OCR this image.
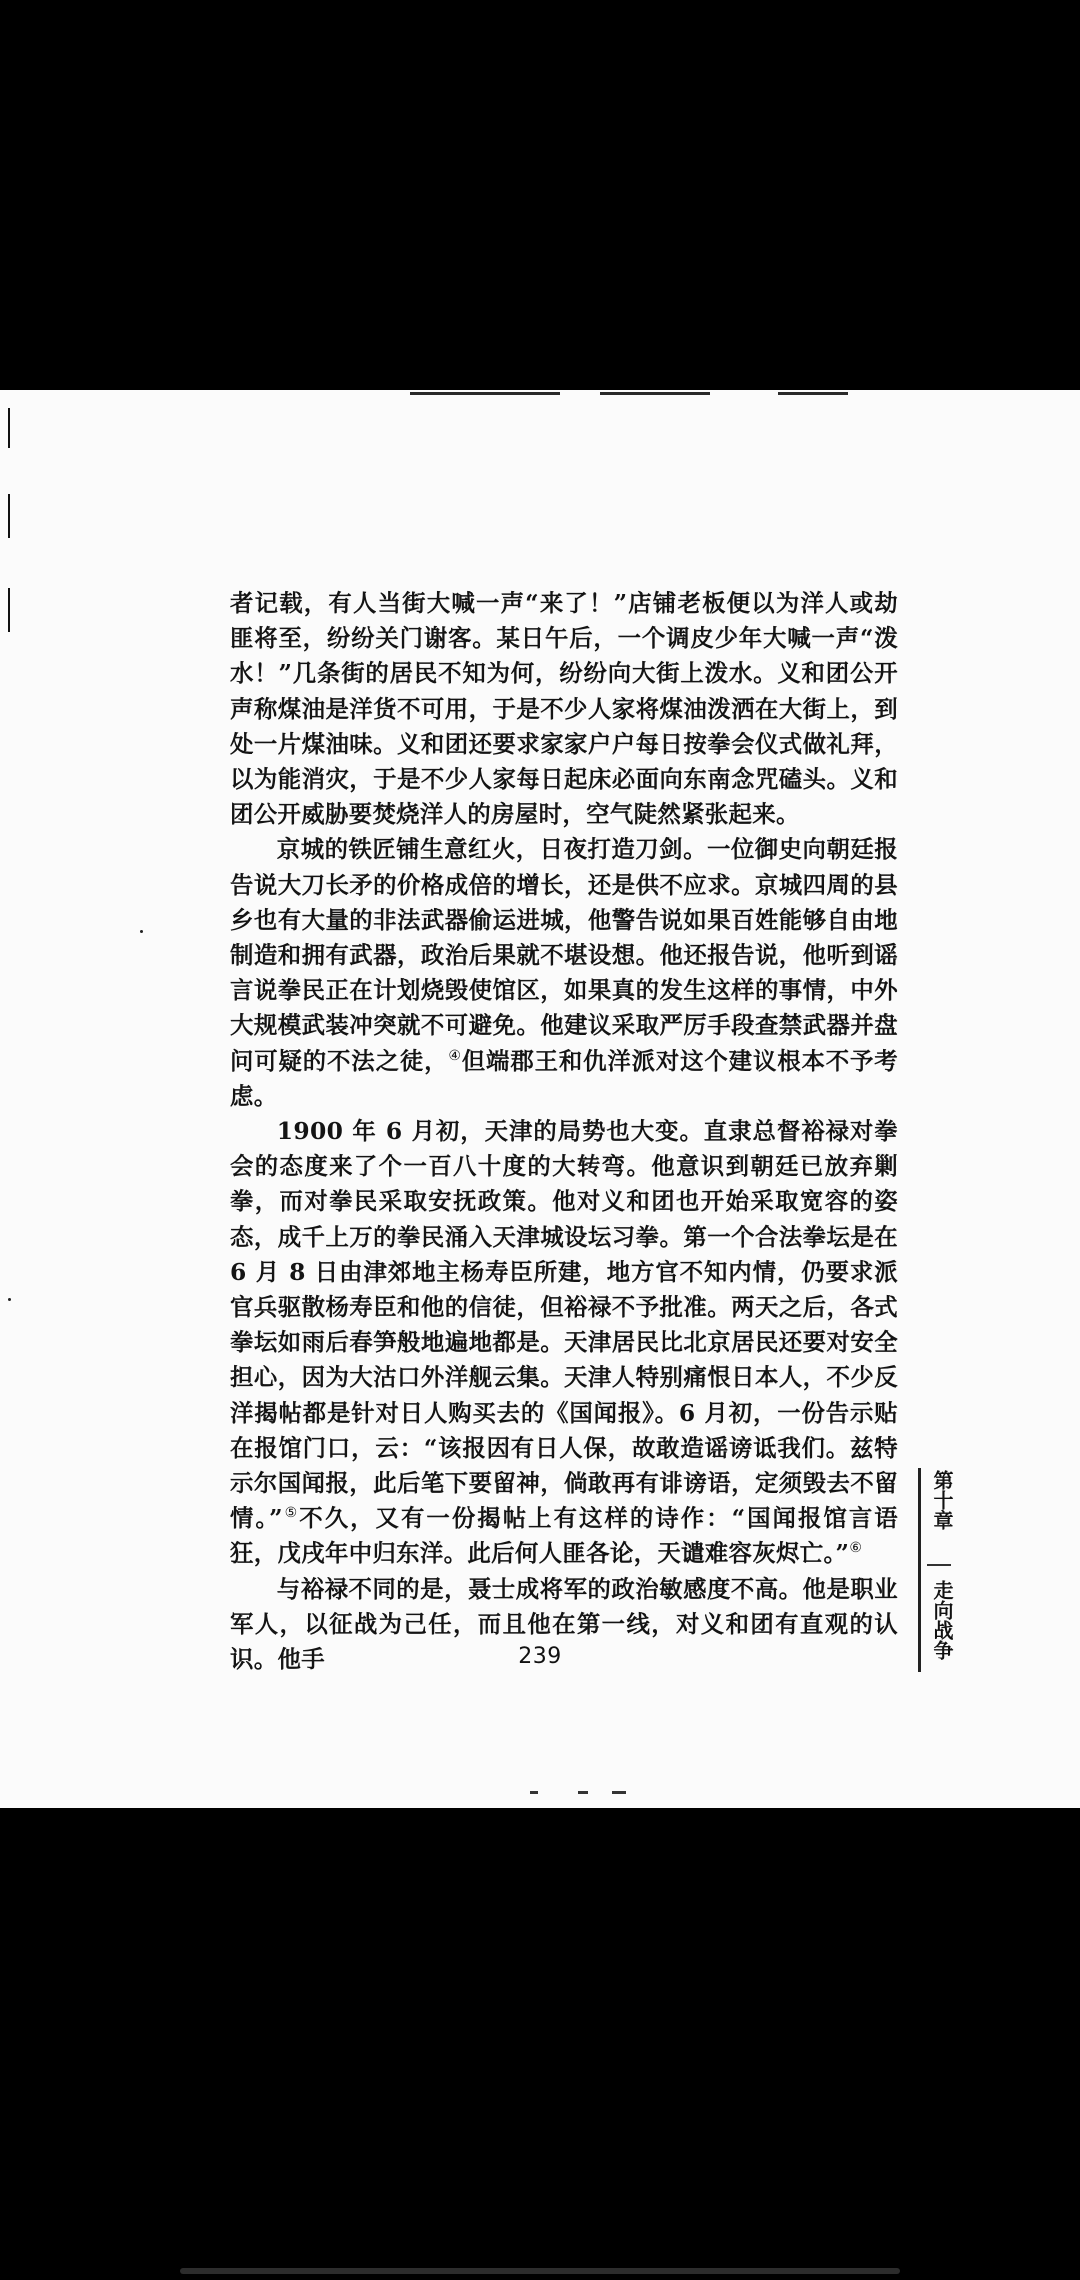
者记载，有人当街大喊一声“来了！”店铺老板便以为洋人或劫匪将至，纷纷关门谢客。某日午后，一个调皮少年大喊一声“泼水！”几条街的居民不知为何，纷纷向大街上泼水。义和团公开声称煤油是洋货不可用，于是不少人家将煤油泼洒在大街上，到处一片煤油味。义和团还要求家家户户每日按拳会仪式做礼拜，以为能消灾，于是不少人家每日起床必面向东南念咒磕头。义和团公开威胁要焚烧洋人的房屋时，空气陡然紧张起来。

京城的铁匠铺生意红火，日夜打造刀剑。一位御史向朝廷报告说大刀长矛的价格成倍的增长，还是供不应求。京城四周的县乡也有大量的非法武器偷运进城，他警告说如果百姓能够自由地制造和拥有武器，政治后果就不堪设想。他还报告说，他听到谣言说拳民正在计划烧毁使馆区，如果真的发生这样的事情，中外大规模武装冲突就不可避免。他建议采取严厉手段查禁武器并盘问可疑的不法之徒，④但端郡王和仇洋派对这个建议根本不予考虑。

1900 年 6 月初，天津的局势也大变。直隶总督裕禄对拳会的态度来了个一百八十度的大转弯。他意识到朝廷已放弃剿拳，而对拳民采取安抚政策。他对义和团也开始采取宽容的姿态，成千上万的拳民涌入天津城设坛习拳。第一个合法拳坛是在 6 月 8 日由津郊地主杨寿臣所建，地方官不知内情，仍要求派官兵驱散杨寿臣和他的信徒，但裕禄不予批准。两天之后，各式拳坛如雨后春笋般地遍地都是。天津居民比北京居民还要对安全担心，因为大沽口外洋舰云集。天津人特别痛恨日本人，不少反洋揭帖都是针对日人购买去的《国闻报》。6 月初，一份告示贴在报馆门口，云：“该报因有日人保，故敢造谣谤诋我们。兹特示尔国闻报，此后笔下要留神，倘敢再有诽谤语，定须毁去不留情。”⑤不久，又有一份揭帖上有这样的诗作：“国闻报馆言语狂，戊戌年中归东洋。此后何人匪各论，天谴难容灰烬亡。”⑥

与裕禄不同的是，聂士成将军的政治敏感度不高。他是职业军人，以征战为己任，而且他在第一线，对义和团有直观的认识。他手

第十章
走向战争
239
